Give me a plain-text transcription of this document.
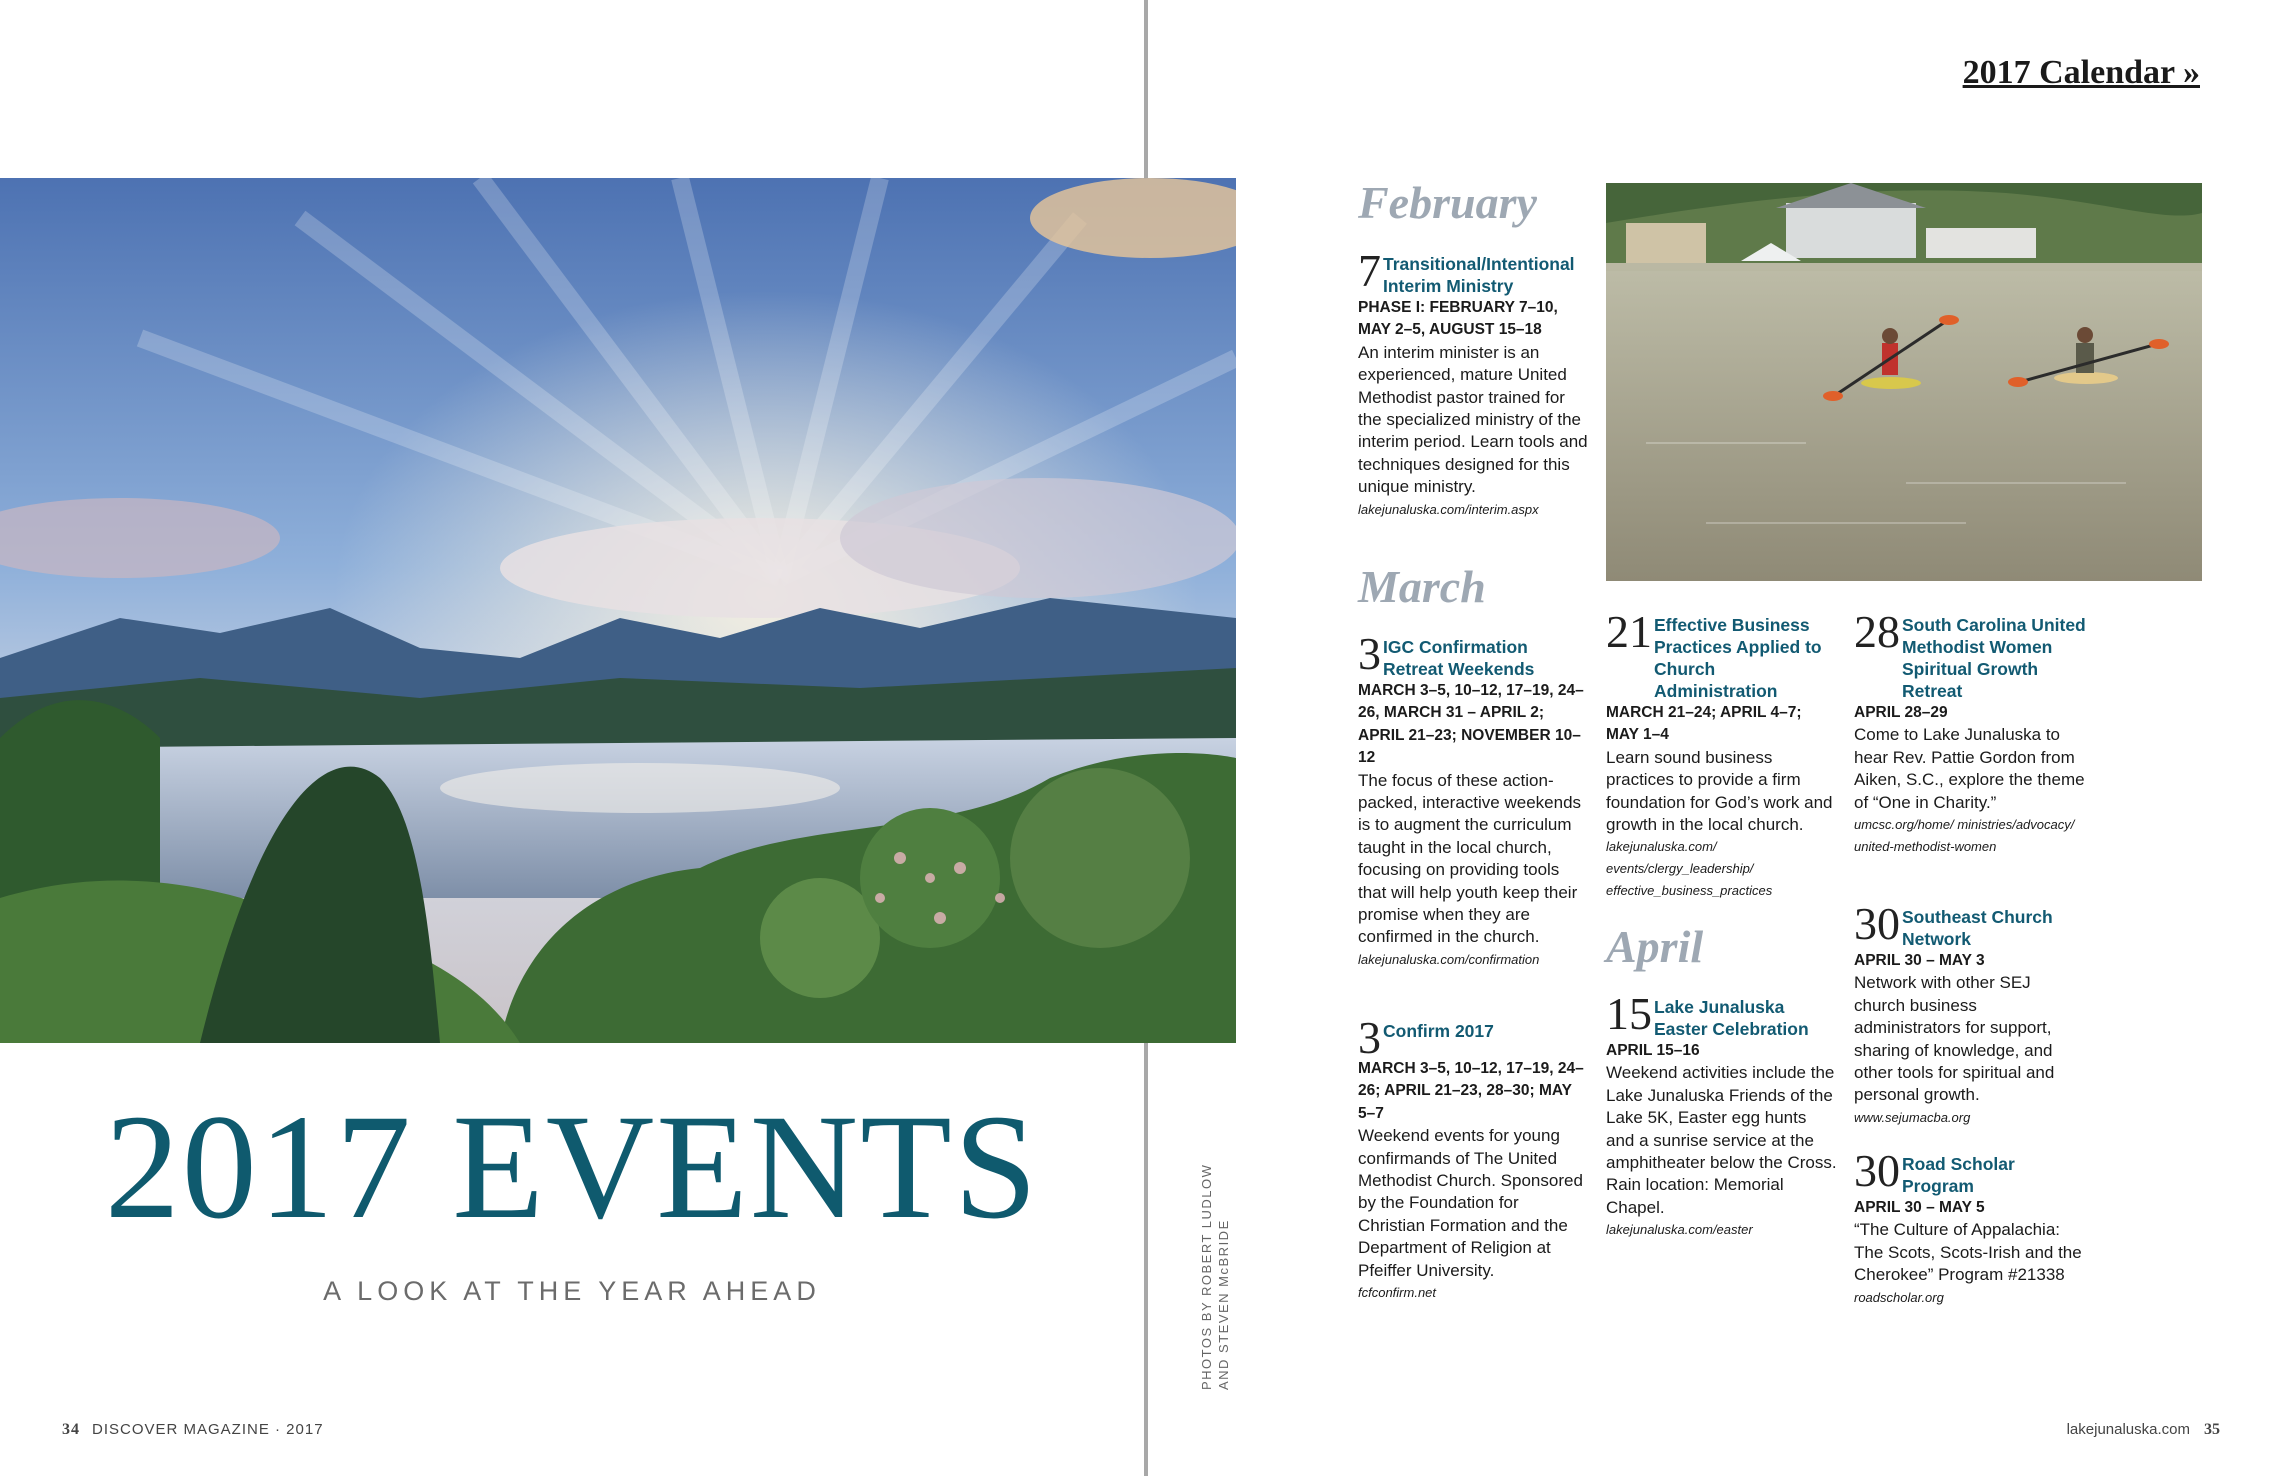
2017 EVENTS
A LOOK AT THE YEAR AHEAD
34 DISCOVER MAGAZINE · 2017
PHOTOS BY ROBERT LUDLOW AND STEVEN McBRIDE
2017 Calendar »
February
March
April
7 Transitional/Intentional Interim Ministry
PHASE I: FEBRUARY 7–10, MAY 2–5, AUGUST 15–18
An interim minister is an experienced, mature United Methodist pastor trained for the specialized ministry of the interim period. Learn tools and techniques designed for this unique ministry.
lakejunaluska.com/interim.aspx
3 IGC Confirmation Retreat Weekends
MARCH 3–5, 10–12, 17–19, 24–26, MARCH 31 – APRIL 2; APRIL 21–23; NOVEMBER 10–12
The focus of these action-packed, interactive weekends is to augment the curriculum taught in the local church, focusing on providing tools that will help youth keep their promise when they are confirmed in the church.
lakejunaluska.com/confirmation
3 Confirm 2017
MARCH 3–5, 10–12, 17–19, 24–26; APRIL 21–23, 28–30; MAY 5–7
Weekend events for young confirmands of The United Methodist Church. Sponsored by the Foundation for Christian Formation and the Department of Religion at Pfeiffer University.
fcfconfirm.net
21 Effective Business Practices Applied to Church Administration
MARCH 21–24; APRIL 4–7; MAY 1–4
Learn sound business practices to provide a firm foundation for God’s work and growth in the local church.
lakejunaluska.com/ events/clergy_leadership/ effective_business_practices
15 Lake Junaluska Easter Celebration
APRIL 15–16
Weekend activities include the Lake Junaluska Friends of the Lake 5K, Easter egg hunts and a sunrise service at the amphitheater below the Cross. Rain location: Memorial Chapel.
lakejunaluska.com/easter
28 South Carolina United Methodist Women Spiritual Growth Retreat
APRIL 28–29
Come to Lake Junaluska to hear Rev. Pattie Gordon from Aiken, S.C., explore the theme of “One in Charity.”
umcsc.org/home/ ministries/advocacy/ united-methodist-women
30 Southeast Church Network
APRIL 30 – MAY 3
Network with other SEJ church business administrators for support, sharing of knowledge, and other tools for spiritual and personal growth.
www.sejumacba.org
30 Road Scholar Program
APRIL 30 – MAY 5
“The Culture of Appalachia: The Scots, Scots-Irish and the Cherokee” Program #21338
roadscholar.org
lakejunaluska.com 35
